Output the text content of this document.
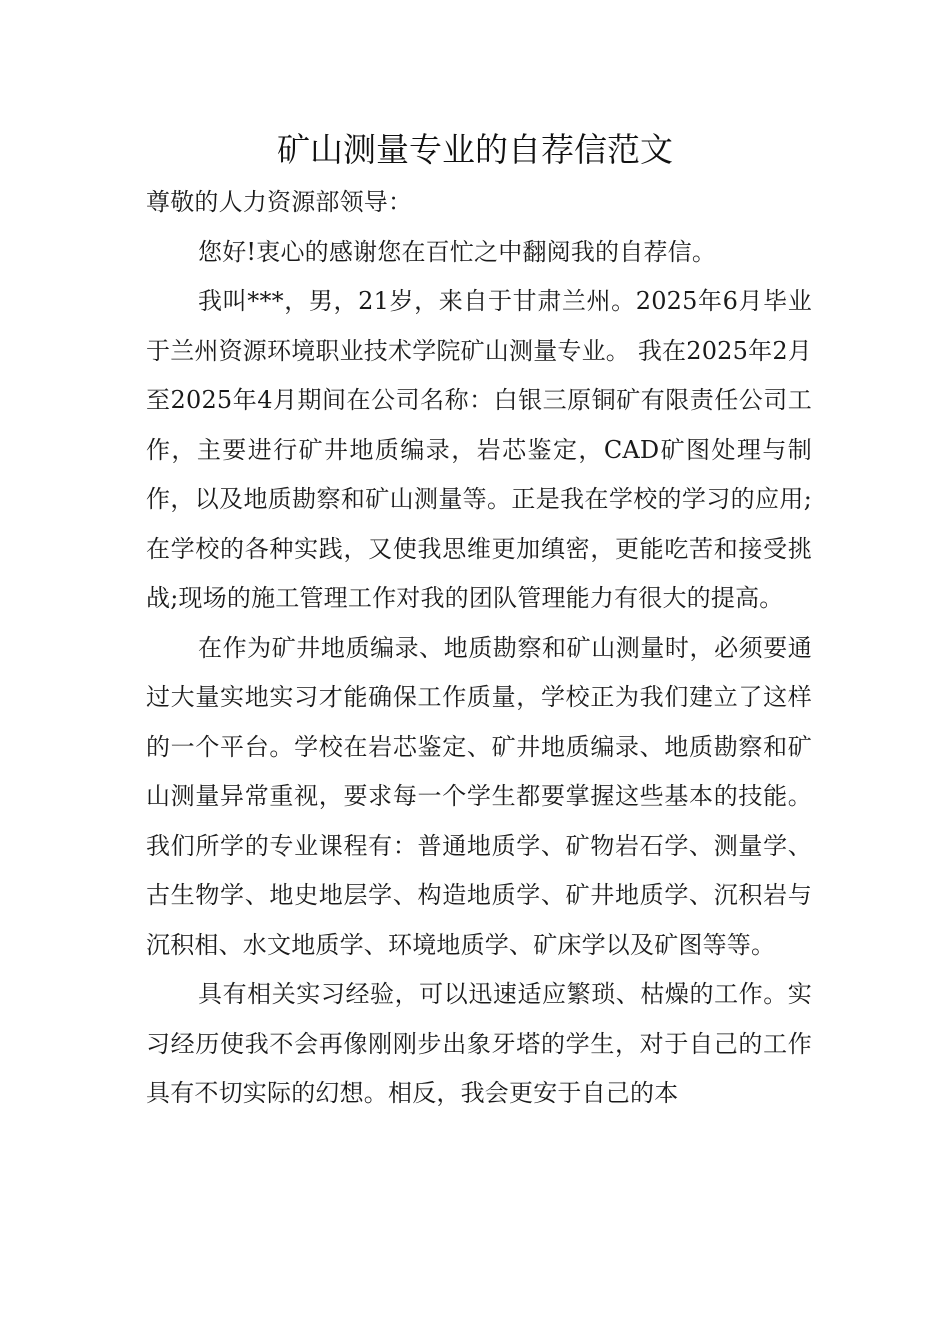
矿山测量专业的自荐信范文

尊敬的人力资源部领导：

您好!衷心的感谢您在百忙之中翻阅我的自荐信。

我叫***，男，21岁，来自于甘肃兰州。2025年6月毕业于兰州资源环境职业技术学院矿山测量专业。 我在2025年2月至2025年4月期间在公司名称：白银三原铜矿有限责任公司工作，主要进行矿井地质编录，岩芯鉴定，CAD矿图处理与制作，以及地质勘察和矿山测量等。正是我在学校的学习的应用;在学校的各种实践，又使我思维更加缜密，更能吃苦和接受挑战;现场的施工管理工作对我的团队管理能力有很大的提高。

在作为矿井地质编录、地质勘察和矿山测量时，必须要通过大量实地实习才能确保工作质量，学校正为我们建立了这样的一个平台。学校在岩芯鉴定、矿井地质编录、地质勘察和矿山测量异常重视，要求每一个学生都要掌握这些基本的技能。我们所学的专业课程有：普通地质学、矿物岩石学、测量学、古生物学、地史地层学、构造地质学、矿井地质学、沉积岩与沉积相、水文地质学、环境地质学、矿床学以及矿图等等。

具有相关实习经验，可以迅速适应繁琐、枯燥的工作。实习经历使我不会再像刚刚步出象牙塔的学生，对于自己的工作具有不切实际的幻想。相反，我会更安于自己的本
